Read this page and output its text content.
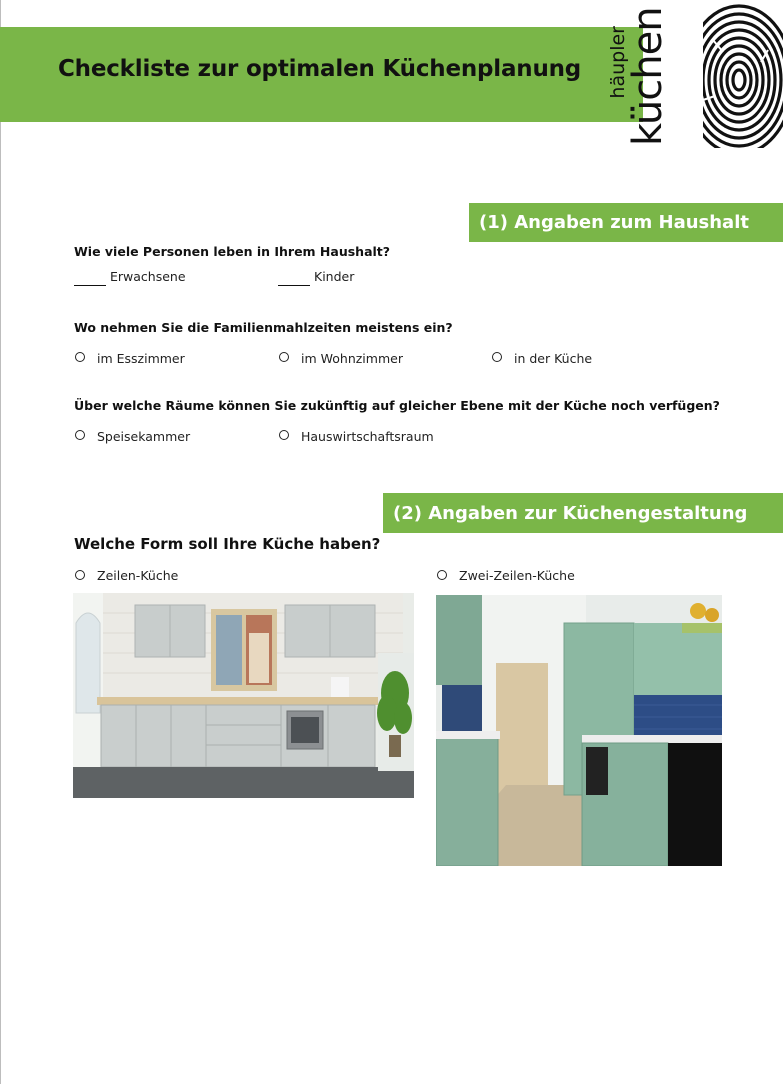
Checkliste zur optimalen Küchenplanung küchen
häupler
(1) Angaben zum Haushalt
Wie viele Personen leben in Ihrem Haushalt?
Erwachsene	Kinder
Wo nehmen Sie die Familienmahlzeiten meistens ein?
im Esszimmer	im Wohnzimmer	in der Küche
Über welche Räume können Sie zukünftig auf gleicher Ebene mit der Küche noch verfügen?
Speisekammer	Hauswirtschaftsraum
(2) Angaben zur Küchengestaltung
Welche Form soll Ihre Küche haben?
Zeilen-Küche	Zwei-Zeilen-Küche
